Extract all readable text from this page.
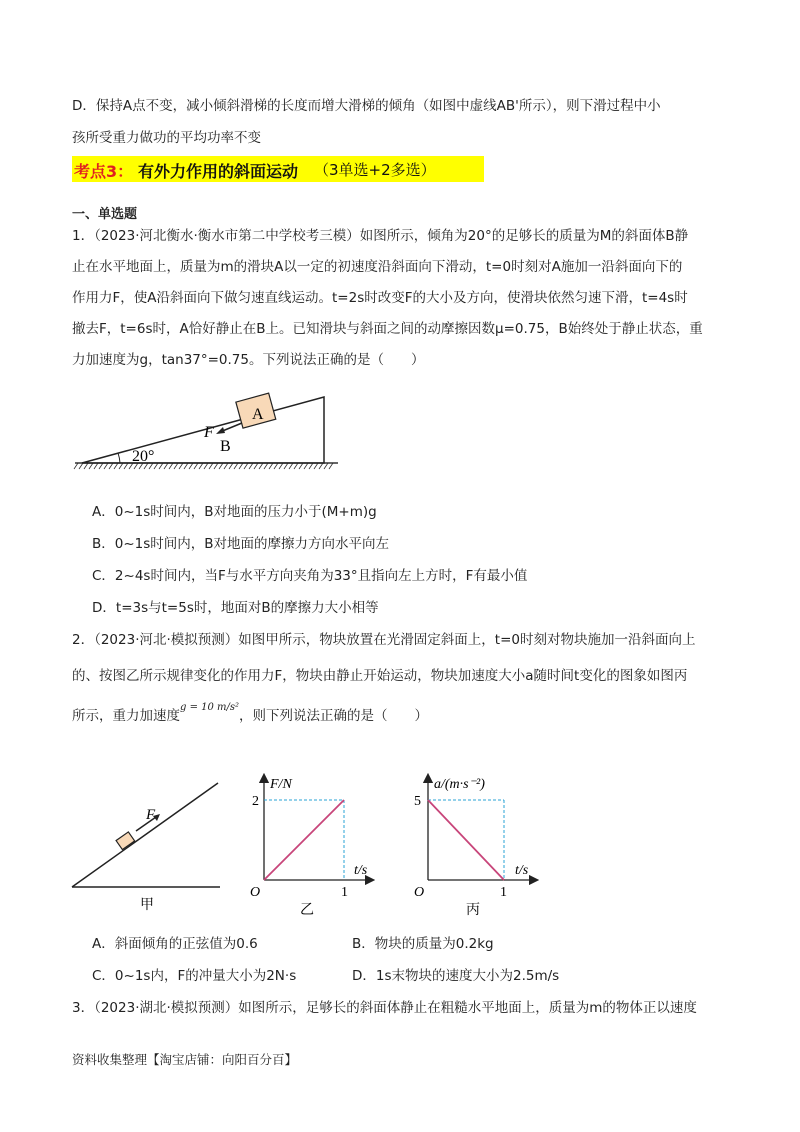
D．保持A点不变，减小倾斜滑梯的长度而增大滑梯的倾角（如图中虚线AB'所示），则下滑过程中小
孩所受重力做功的平均功率不变
考点3： 有外力作用的斜面运动 （3单选+2多选）
一、单选题
1．（2023·河北衡水·衡水市第二中学校考三模）如图所示，倾角为20°的足够长的质量为M的斜面体B静
止在水平地面上，质量为m的滑块A以一定的初速度沿斜面向下滑动，t=0时刻对A施加一沿斜面向下的
作用力F，使A沿斜面向下做匀速直线运动。t=2s时改变F的大小及方向，使滑块依然匀速下滑，t=4s时
撤去F，t=6s时，A恰好静止在B上。已知滑块与斜面之间的动摩擦因数μ=0.75，B始终处于静止状态，重
力加速度为g，tan37°=0.75。下列说法正确的是（　　）
A
F
B
20°
A．0~1s时间内，B对地面的压力小于(M+m)g
B．0~1s时间内，B对地面的摩擦力方向水平向左
C．2~4s时间内，当F与水平方向夹角为33°且指向左上方时，F有最小值
D．t=3s与t=5s时，地面对B的摩擦力大小相等
2．（2023·河北·模拟预测）如图甲所示，物块放置在光滑固定斜面上，t=0时刻对物块施加一沿斜面向上
的、按图乙所示规律变化的作用力F，物块由静止开始运动，物块加速度大小a随时间t变化的图象如图丙
所示，重力加速度$^{g = 10 m/s^2}$，则下列说法正确的是（　　）
F
甲
F/N
2
1
t/s
O
乙
a/(m·s⁻²)
5
1
t/s
O
丙
A．斜面倾角的正弦值为0.6	B．物块的质量为0.2kg
C．0~1s内，F的冲量大小为2N·s	D．1s末物块的速度大小为2.5m/s
3．（2023·湖北·模拟预测）如图所示，足够长的斜面体静止在粗糙水平地面上，质量为m的物体正以速度
资料收集整理【淘宝店铺：向阳百分百】
